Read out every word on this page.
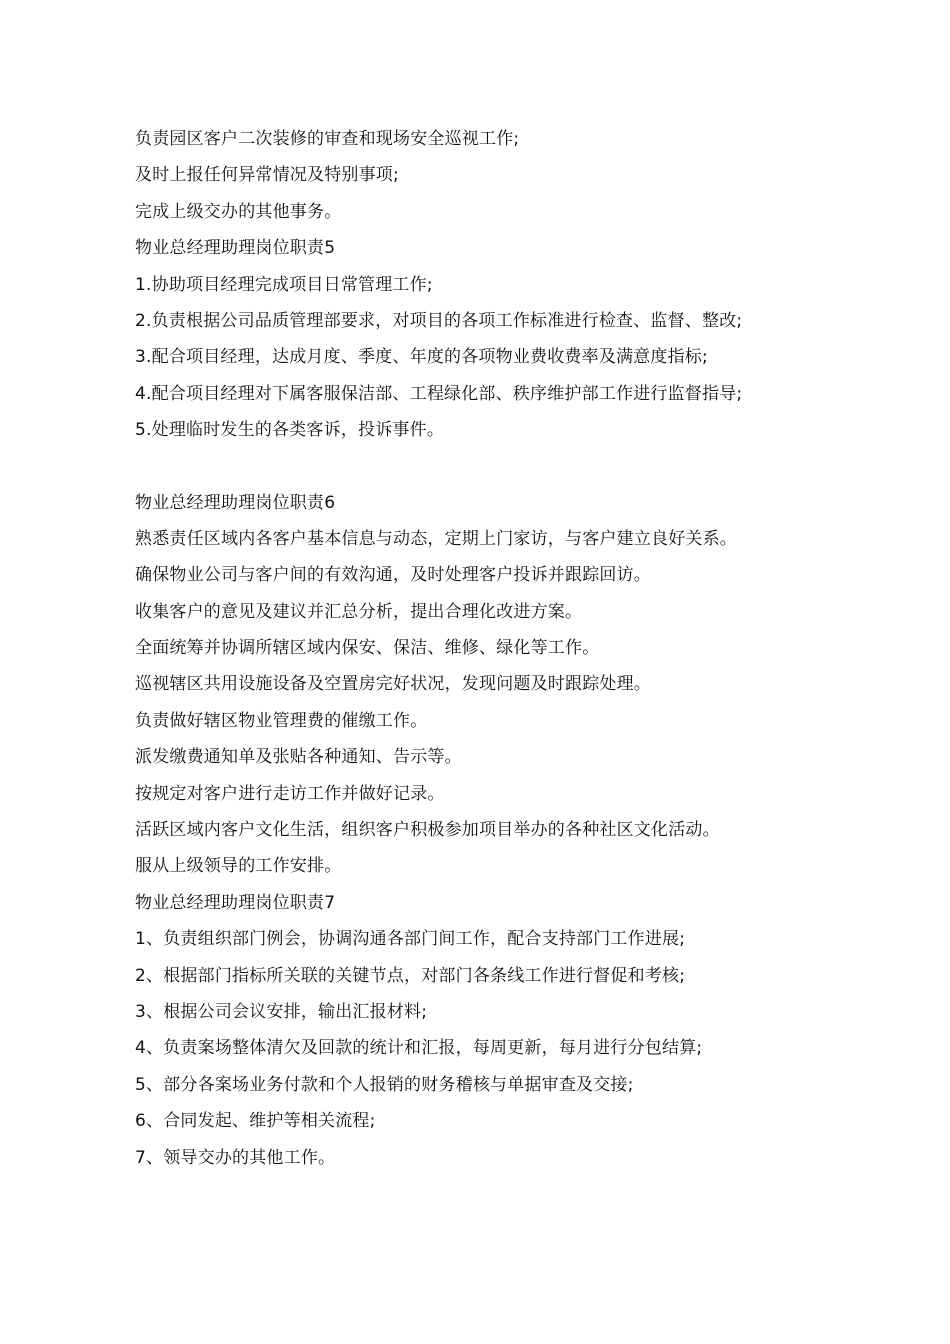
负责园区客户二次装修的审查和现场安全巡视工作;
及时上报任何异常情况及特别事项;
完成上级交办的其他事务。
物业总经理助理岗位职责5
1.协助项目经理完成项目日常管理工作;
2.负责根据公司品质管理部要求，对项目的各项工作标准进行检查、监督、整改;
3.配合项目经理，达成月度、季度、年度的各项物业费收费率及满意度指标;
4.配合项目经理对下属客服保洁部、工程绿化部、秩序维护部工作进行监督指导;
5.处理临时发生的各类客诉，投诉事件。
物业总经理助理岗位职责6
熟悉责任区域内各客户基本信息与动态，定期上门家访，与客户建立良好关系。
确保物业公司与客户间的有效沟通，及时处理客户投诉并跟踪回访。
收集客户的意见及建议并汇总分析，提出合理化改进方案。
全面统筹并协调所辖区域内保安、保洁、维修、绿化等工作。
巡视辖区共用设施设备及空置房完好状况，发现问题及时跟踪处理。
负责做好辖区物业管理费的催缴工作。
派发缴费通知单及张贴各种通知、告示等。
按规定对客户进行走访工作并做好记录。
活跃区域内客户文化生活，组织客户积极参加项目举办的各种社区文化活动。
服从上级领导的工作安排。
物业总经理助理岗位职责7
1、负责组织部门例会，协调沟通各部门间工作，配合支持部门工作进展;
2、根据部门指标所关联的关键节点，对部门各条线工作进行督促和考核;
3、根据公司会议安排，输出汇报材料;
4、负责案场整体清欠及回款的统计和汇报，每周更新，每月进行分包结算;
5、部分各案场业务付款和个人报销的财务稽核与单据审查及交接;
6、合同发起、维护等相关流程;
7、领导交办的其他工作。
